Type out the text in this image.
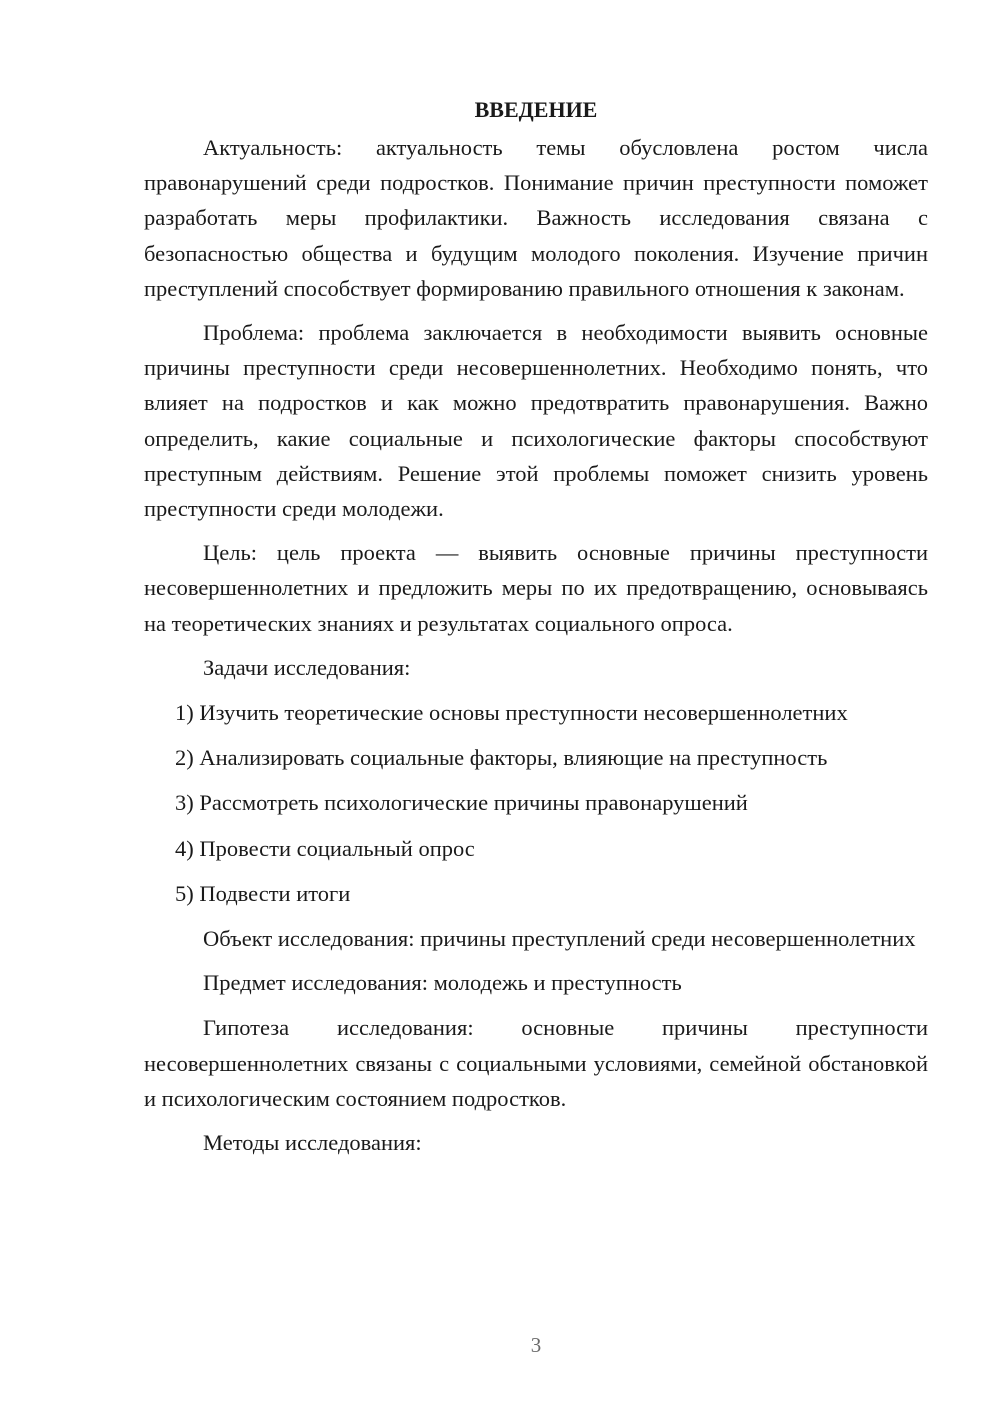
ВВЕДЕНИЕ

Актуальность: актуальность темы обусловлена ростом числа правонарушений среди подростков. Понимание причин преступности поможет разработать меры профилактики. Важность исследования связана с безопасностью общества и будущим молодого поколения. Изучение причин преступлений способствует формированию правильного отношения к законам.

Проблема: проблема заключается в необходимости выявить основные причины преступности среди несовершеннолетних. Необходимо понять, что влияет на подростков и как можно предотвратить правонарушения. Важно определить, какие социальные и психологические факторы способствуют преступным действиям. Решение этой проблемы поможет снизить уровень преступности среди молодежи.

Цель: цель проекта — выявить основные причины преступности несовершеннолетних и предложить меры по их предотвращению, основываясь на теоретических знаниях и результатах социального опроса.

Задачи исследования:

1) Изучить теоретические основы преступности несовершеннолетних

2) Анализировать социальные факторы, влияющие на преступность

3) Рассмотреть психологические причины правонарушений

4) Провести социальный опрос

5) Подвести итоги

Объект исследования: причины преступлений среди несовершеннолетних

Предмет исследования: молодежь и преступность

Гипотеза исследования: основные причины преступности несовершеннолетних связаны с социальными условиями, семейной обстановкой и психологическим состоянием подростков.

Методы исследования:

3
